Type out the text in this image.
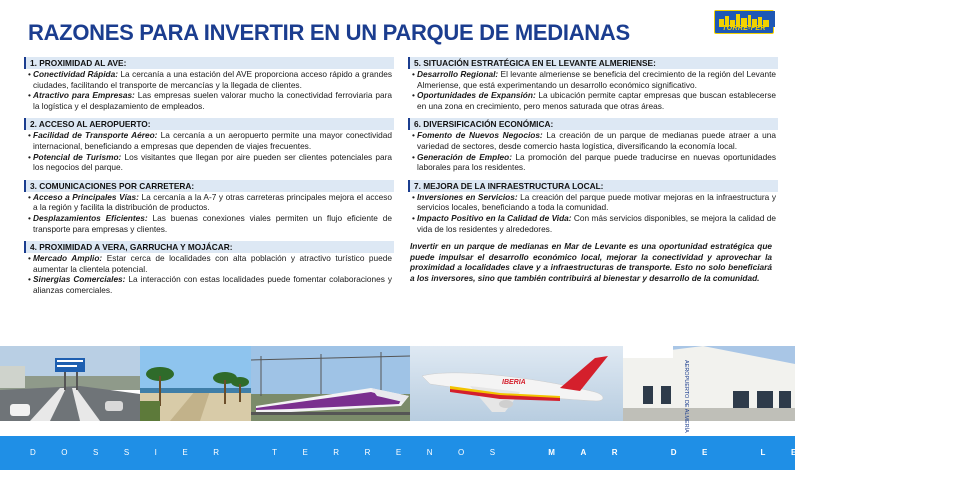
RAZONES PARA INVERTIR EN UN PARQUE DE MEDIANAS	TORRE-FER
1. PROXIMIDAD AL AVE:
• Conectividad Rápida: La cercanía a una estación del AVE proporciona acceso rápido a grandes ciudades, facilitando el transporte de mercancías y la llegada de clientes.
• Atractivo para Empresas: Las empresas suelen valorar mucho la conectividad ferroviaria para la logística y el desplazamiento de empleados.
2. ACCESO AL AEROPUERTO:
• Facilidad de Transporte Aéreo: La cercanía a un aeropuerto permite una mayor conectividad internacional, beneficiando a empresas que dependen de viajes frecuentes.
• Potencial de Turismo: Los visitantes que llegan por aire pueden ser clientes potenciales para los negocios del parque.
3. COMUNICACIONES POR CARRETERA:
• Acceso a Principales Vías: La cercanía a la A-7 y otras carreteras principales mejora el acceso a la región y facilita la distribución de productos.
• Desplazamientos Eficientes: Las buenas conexiones viales permiten un flujo eficiente de transporte para empresas y clientes.
4. PROXIMIDAD A VERA, GARRUCHA Y MOJÁCAR:
• Mercado Amplio: Estar cerca de localidades con alta población y atractivo turístico puede aumentar la clientela potencial.
• Sinergias Comerciales: La interacción con estas localidades puede fomentar colaboraciones y alianzas comerciales.
5. SITUACIÓN ESTRATÉGICA EN EL LEVANTE ALMERIENSE:
• Desarrollo Regional: El levante almeriense se beneficia del crecimiento de la región del Levante Almeriense, que está experimentando un desarrollo económico significativo.
• Oportunidades de Expansión: La ubicación permite captar empresas que buscan establecerse en una zona en crecimiento, pero menos saturada que otras áreas.
6. DIVERSIFICACIÓN ECONÓMICA:
• Fomento de Nuevos Negocios: La creación de un parque de medianas puede atraer a una variedad de sectores, desde comercio hasta logística, diversificando la economía local.
• Generación de Empleo: La promoción del parque puede traducirse en nuevas oportunidades laborales para los residentes.
7. MEJORA DE LA INFRAESTRUCTURA LOCAL:
• Inversiones en Servicios: La creación del parque puede motivar mejoras en la infraestructura y servicios locales, beneficiando a toda la comunidad.
• Impacto Positivo en la Calidad de Vida: Con más servicios disponibles, se mejora la calidad de vida de los residentes y alrededores.

Invertir en un parque de medianas en Mar de Levante es una oportunidad estratégica que puede impulsar el desarrollo económico local, mejorar la conectividad y aprovechar la proximidad a localidades clave y a infraestructuras de transporte. Esto no solo beneficiará a los inversores, sino que también contribuirá al bienestar y desarrollo de la comunidad.

IBERIA	AEROPUERTO DE ALMERÍA
DOSSIER TERRENOS	MAR DE LEVANTE
